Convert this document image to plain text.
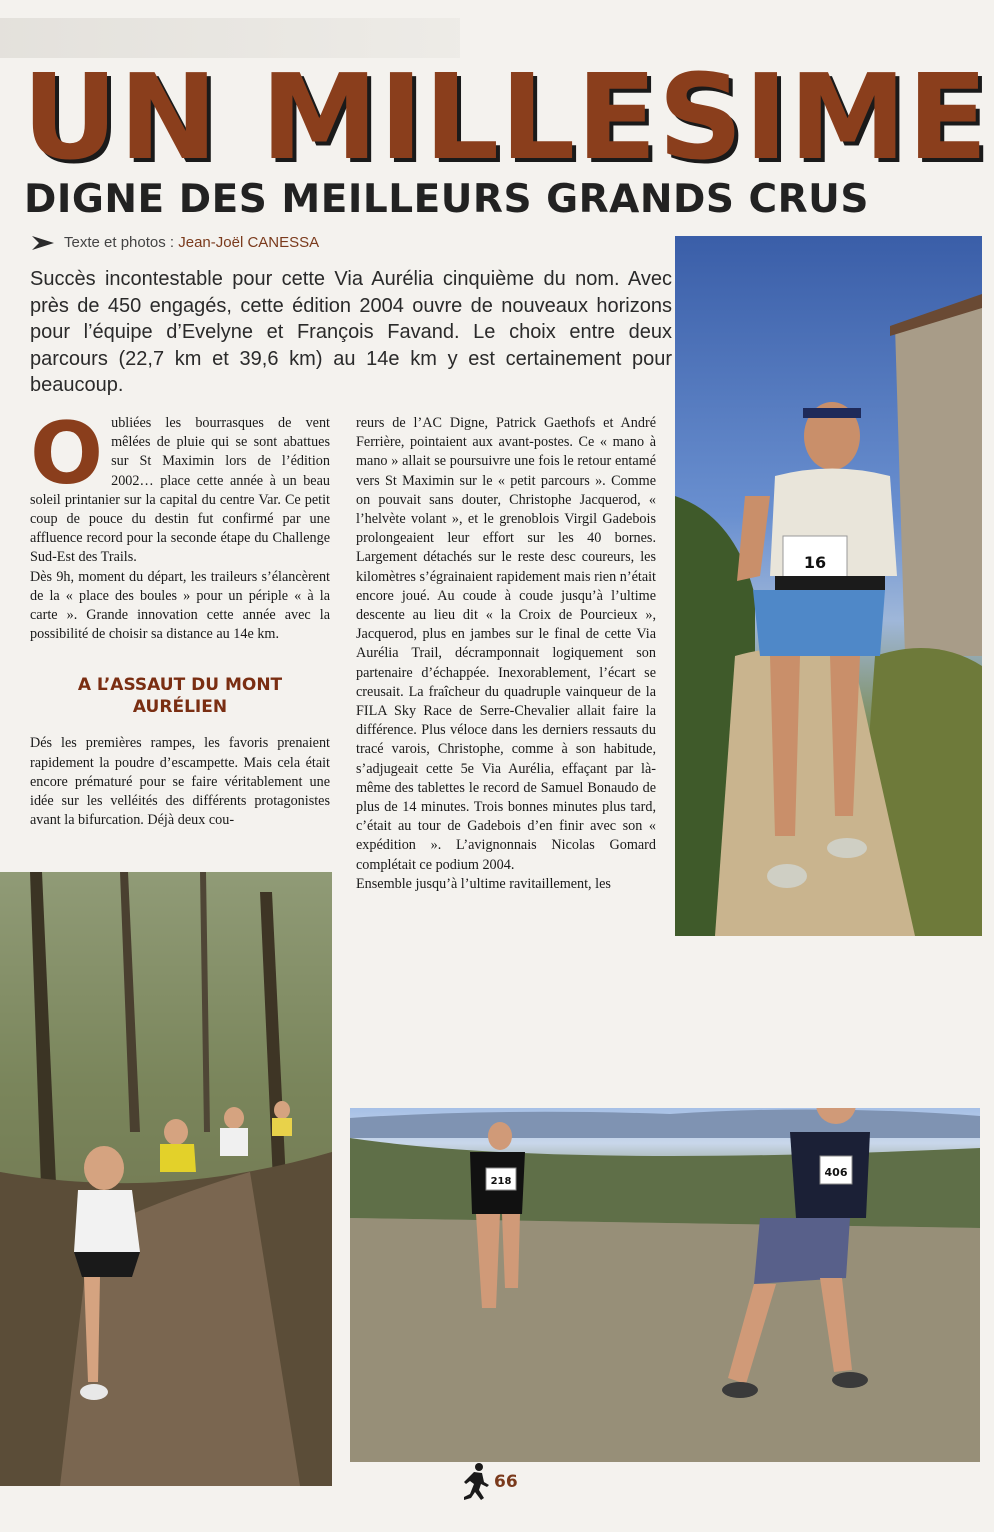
UN MILLESIME
DIGNE DES MEILLEURS GRANDS CRUS
Texte et photos : Jean-Joël CANESSA
Succès incontestable pour cette Via Aurélia cinquième du nom. Avec près de 450 engagés, cette édition 2004 ouvre de nouveaux horizons pour l’équipe d’Evelyne et François Favand. Le choix entre deux parcours (22,7 km et 39,6 km) au 14e km y est certainement pour beaucoup.

Oubliées les bourrasques de vent mêlées de pluie qui se sont abattues sur St Maximin lors de l’édition 2002… place cette année à un beau soleil printanier sur la capital du centre Var. Ce petit coup de pouce du destin fut confirmé par une affluence record pour la seconde étape du Challenge Sud-Est des Trails.

Dès 9h, moment du départ, les traileurs s’élancèrent de la « place des boules » pour un périple « à la carte ». Grande innovation cette année avec la possibilité de choisir sa distance au 14e km.

A L’ASSAUT DU MONT AURÉLIEN

Dés les premières rampes, les favoris prenaient rapidement la poudre d’escampette. Mais cela était encore prématuré pour se faire véritablement une idée sur les velléités des différents protagonistes avant la bifurcation. Déjà deux cou-

reurs de l’AC Digne, Patrick Gaethofs et André Ferrière, pointaient aux avant-postes. Ce « mano à mano » allait se poursuivre une fois le retour entamé vers St Maximin sur le « petit parcours ». Comme on pouvait sans douter, Christophe Jacquerod, « l’helvète volant », et le grenoblois Virgil Gadebois prolongeaient leur effort sur les 40 bornes. Largement détachés sur le reste desc coureurs, les kilomètres s’égrainaient rapidement mais rien n’était encore joué. Au coude à coude jusqu’à l’ultime descente au lieu dit « la Croix de Pourcieux », Jacquerod, plus en jambes sur le final de cette Via Aurélia Trail, décramponnait logiquement son partenaire d’échappée. Inexorablement, l’écart se creusait. La fraîcheur du quadruple vainqueur de la FILA Sky Race de Serre-Chevalier allait faire la différence. Plus véloce dans les derniers ressauts du tracé varois, Christophe, comme à son habitude, s’adjugeait cette 5e Via Aurélia, effaçant par là-même des tablettes le record de Samuel Bonaudo de plus de 14 minutes. Trois bonnes minutes plus tard, c’était au tour de Gadebois d’en finir avec son « expédition ». L’avignonnais Nicolas Gomard complétait ce podium 2004.

Ensemble jusqu’à l’ultime ravitaillement, les

16
218
406
66
